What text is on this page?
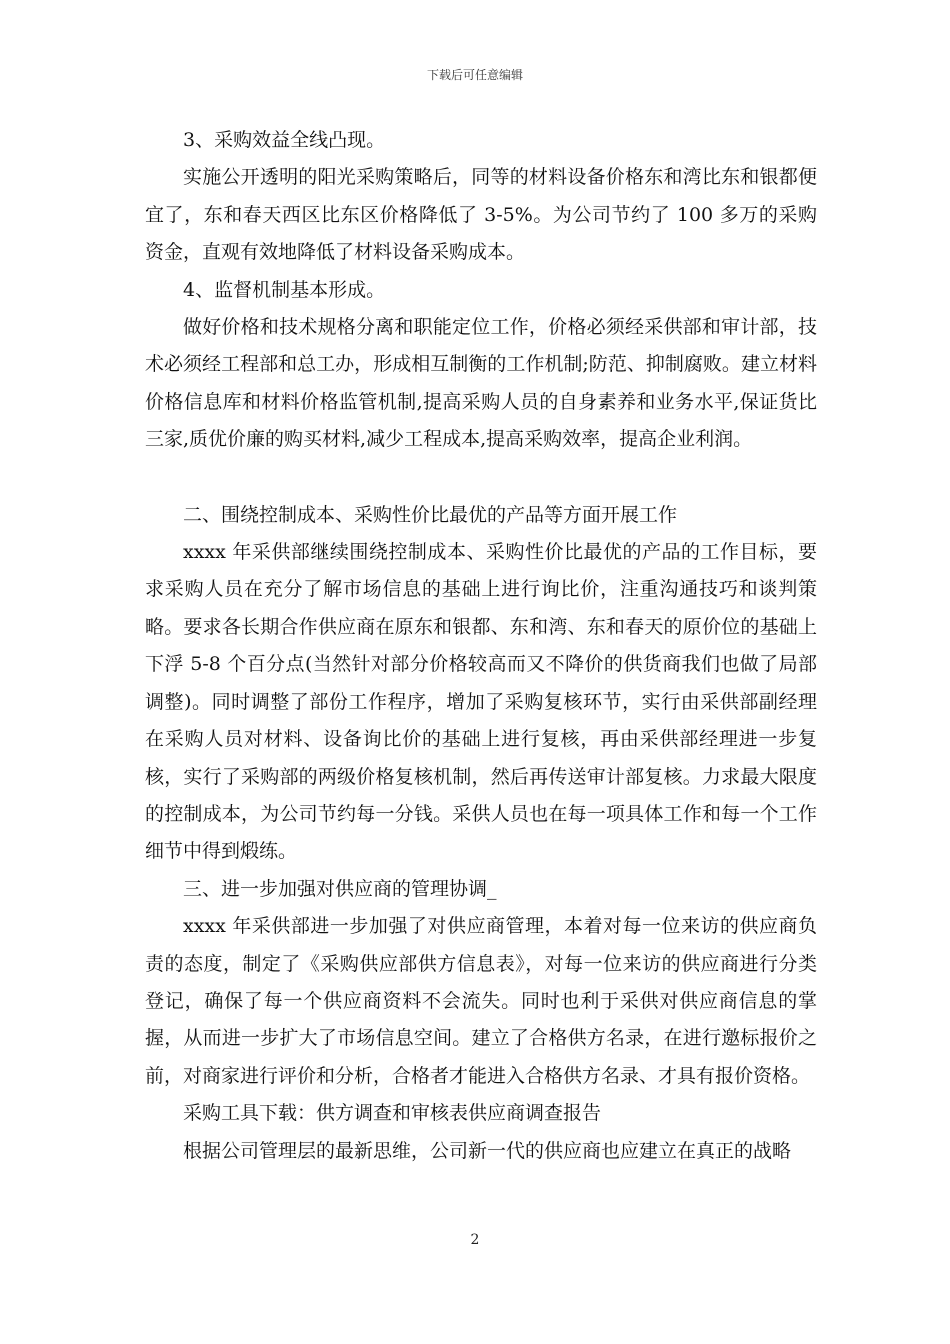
下载后可任意编辑

3、采购效益全线凸现。

实施公开透明的阳光采购策略后，同等的材料设备价格东和湾比东和银都便宜了，东和春天西区比东区价格降低了 3-5%。为公司节约了 100 多万的采购资金，直观有效地降低了材料设备采购成本。

4、监督机制基本形成。

做好价格和技术规格分离和职能定位工作，价格必须经采供部和审计部，技术必须经工程部和总工办，形成相互制衡的工作机制;防范、抑制腐败。建立材料价格信息库和材料价格监管机制,提高采购人员的自身素养和业务水平,保证货比三家,质优价廉的购买材料,减少工程成本,提高采购效率，提高企业利润。

二、围绕控制成本、采购性价比最优的产品等方面开展工作

xxxx 年采供部继续围绕控制成本、采购性价比最优的产品的工作目标，要求采购人员在充分了解市场信息的基础上进行询比价，注重沟通技巧和谈判策略。要求各长期合作供应商在原东和银都、东和湾、东和春天的原价位的基础上下浮 5-8 个百分点(当然针对部分价格较高而又不降价的供货商我们也做了局部调整)。同时调整了部份工作程序，增加了采购复核环节，实行由采供部副经理在采购人员对材料、设备询比价的基础上进行复核，再由采供部经理进一步复核，实行了采购部的两级价格复核机制，然后再传送审计部复核。力求最大限度的控制成本，为公司节约每一分钱。采供人员也在每一项具体工作和每一个工作细节中得到煅练。

三、进一步加强对供应商的管理协调_

xxxx 年采供部进一步加强了对供应商管理，本着对每一位来访的供应商负责的态度，制定了《采购供应部供方信息表》，对每一位来访的供应商进行分类登记，确保了每一个供应商资料不会流失。同时也利于采供对供应商信息的掌握，从而进一步扩大了市场信息空间。建立了合格供方名录，在进行邀标报价之前，对商家进行评价和分析，合格者才能进入合格供方名录、才具有报价资格。

采购工具下载：供方调查和审核表供应商调查报告

根据公司管理层的最新思维，公司新一代的供应商也应建立在真正的战略

2
